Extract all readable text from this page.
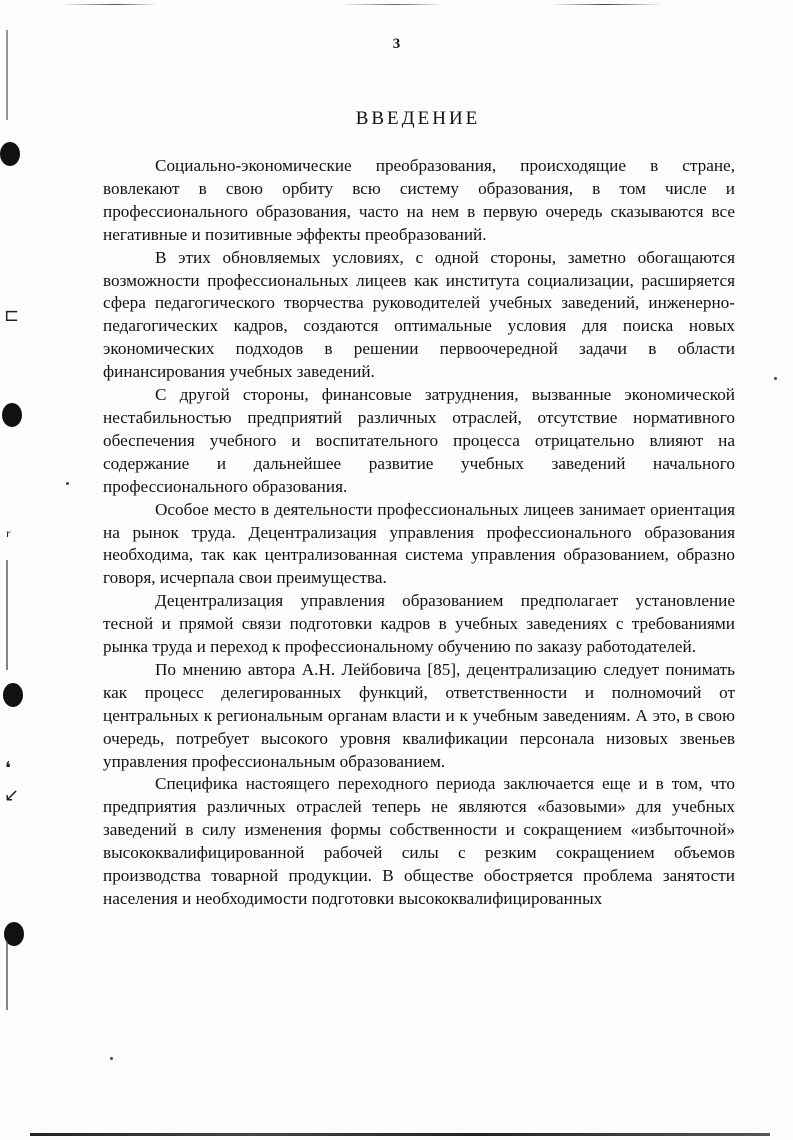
3
ВВЕДЕНИЕ

Социально-экономические преобразования, происходящие в стране, вовлекают в свою орбиту всю систему образования, в том числе и профессионального образования, часто на нем в первую очередь сказываются все негативные и позитивные эффекты преобразований.

В этих обновляемых условиях, с одной стороны, заметно обогащаются возможности профессиональных лицеев как института социализации, расширяется сфера педагогического творчества руководителей учебных заведений, инженерно-педагогических кадров, создаются оптимальные условия для поиска новых экономических подходов в решении первоочередной задачи в области финансирования учебных заведений.

С другой стороны, финансовые затруднения, вызванные экономической нестабильностью предприятий различных отраслей, отсутствие нормативного обеспечения учебного и воспитательного процесса отрицательно влияют на содержание и дальнейшее развитие учебных заведений начального профессионального образования.

Особое место в деятельности профессиональных лицеев занимает ориентация на рынок труда. Децентрализация управления профессионального образования необходима, так как централизованная система управления образованием, образно говоря, исчерпала свои преимущества.

Децентрализация управления образованием предполагает установление тесной и прямой связи подготовки кадров в учебных заведениях с требованиями рынка труда и переход к профессиональному обучению по заказу работодателей.

По мнению автора А.Н. Лейбовича [85], децентрализацию следует понимать как процесс делегированных функций, ответственности и полномочий от центральных к региональным органам власти и к учебным заведениям. А это, в свою очередь, потребует высокого уровня квалификации персонала низовых звеньев управления профессиональным образованием.

Специфика настоящего переходного периода заключается еще и в том, что предприятия различных отраслей теперь не являются «базовыми» для учебных заведений в силу изменения формы собственности и сокращением «избыточной» высококвалифицированной рабочей силы с резким сокращением объемов производства товарной продукции. В обществе обостряется проблема занятости населения и необходимости подготовки высококвалифицированных

⊏
ʳ
❛
↙
